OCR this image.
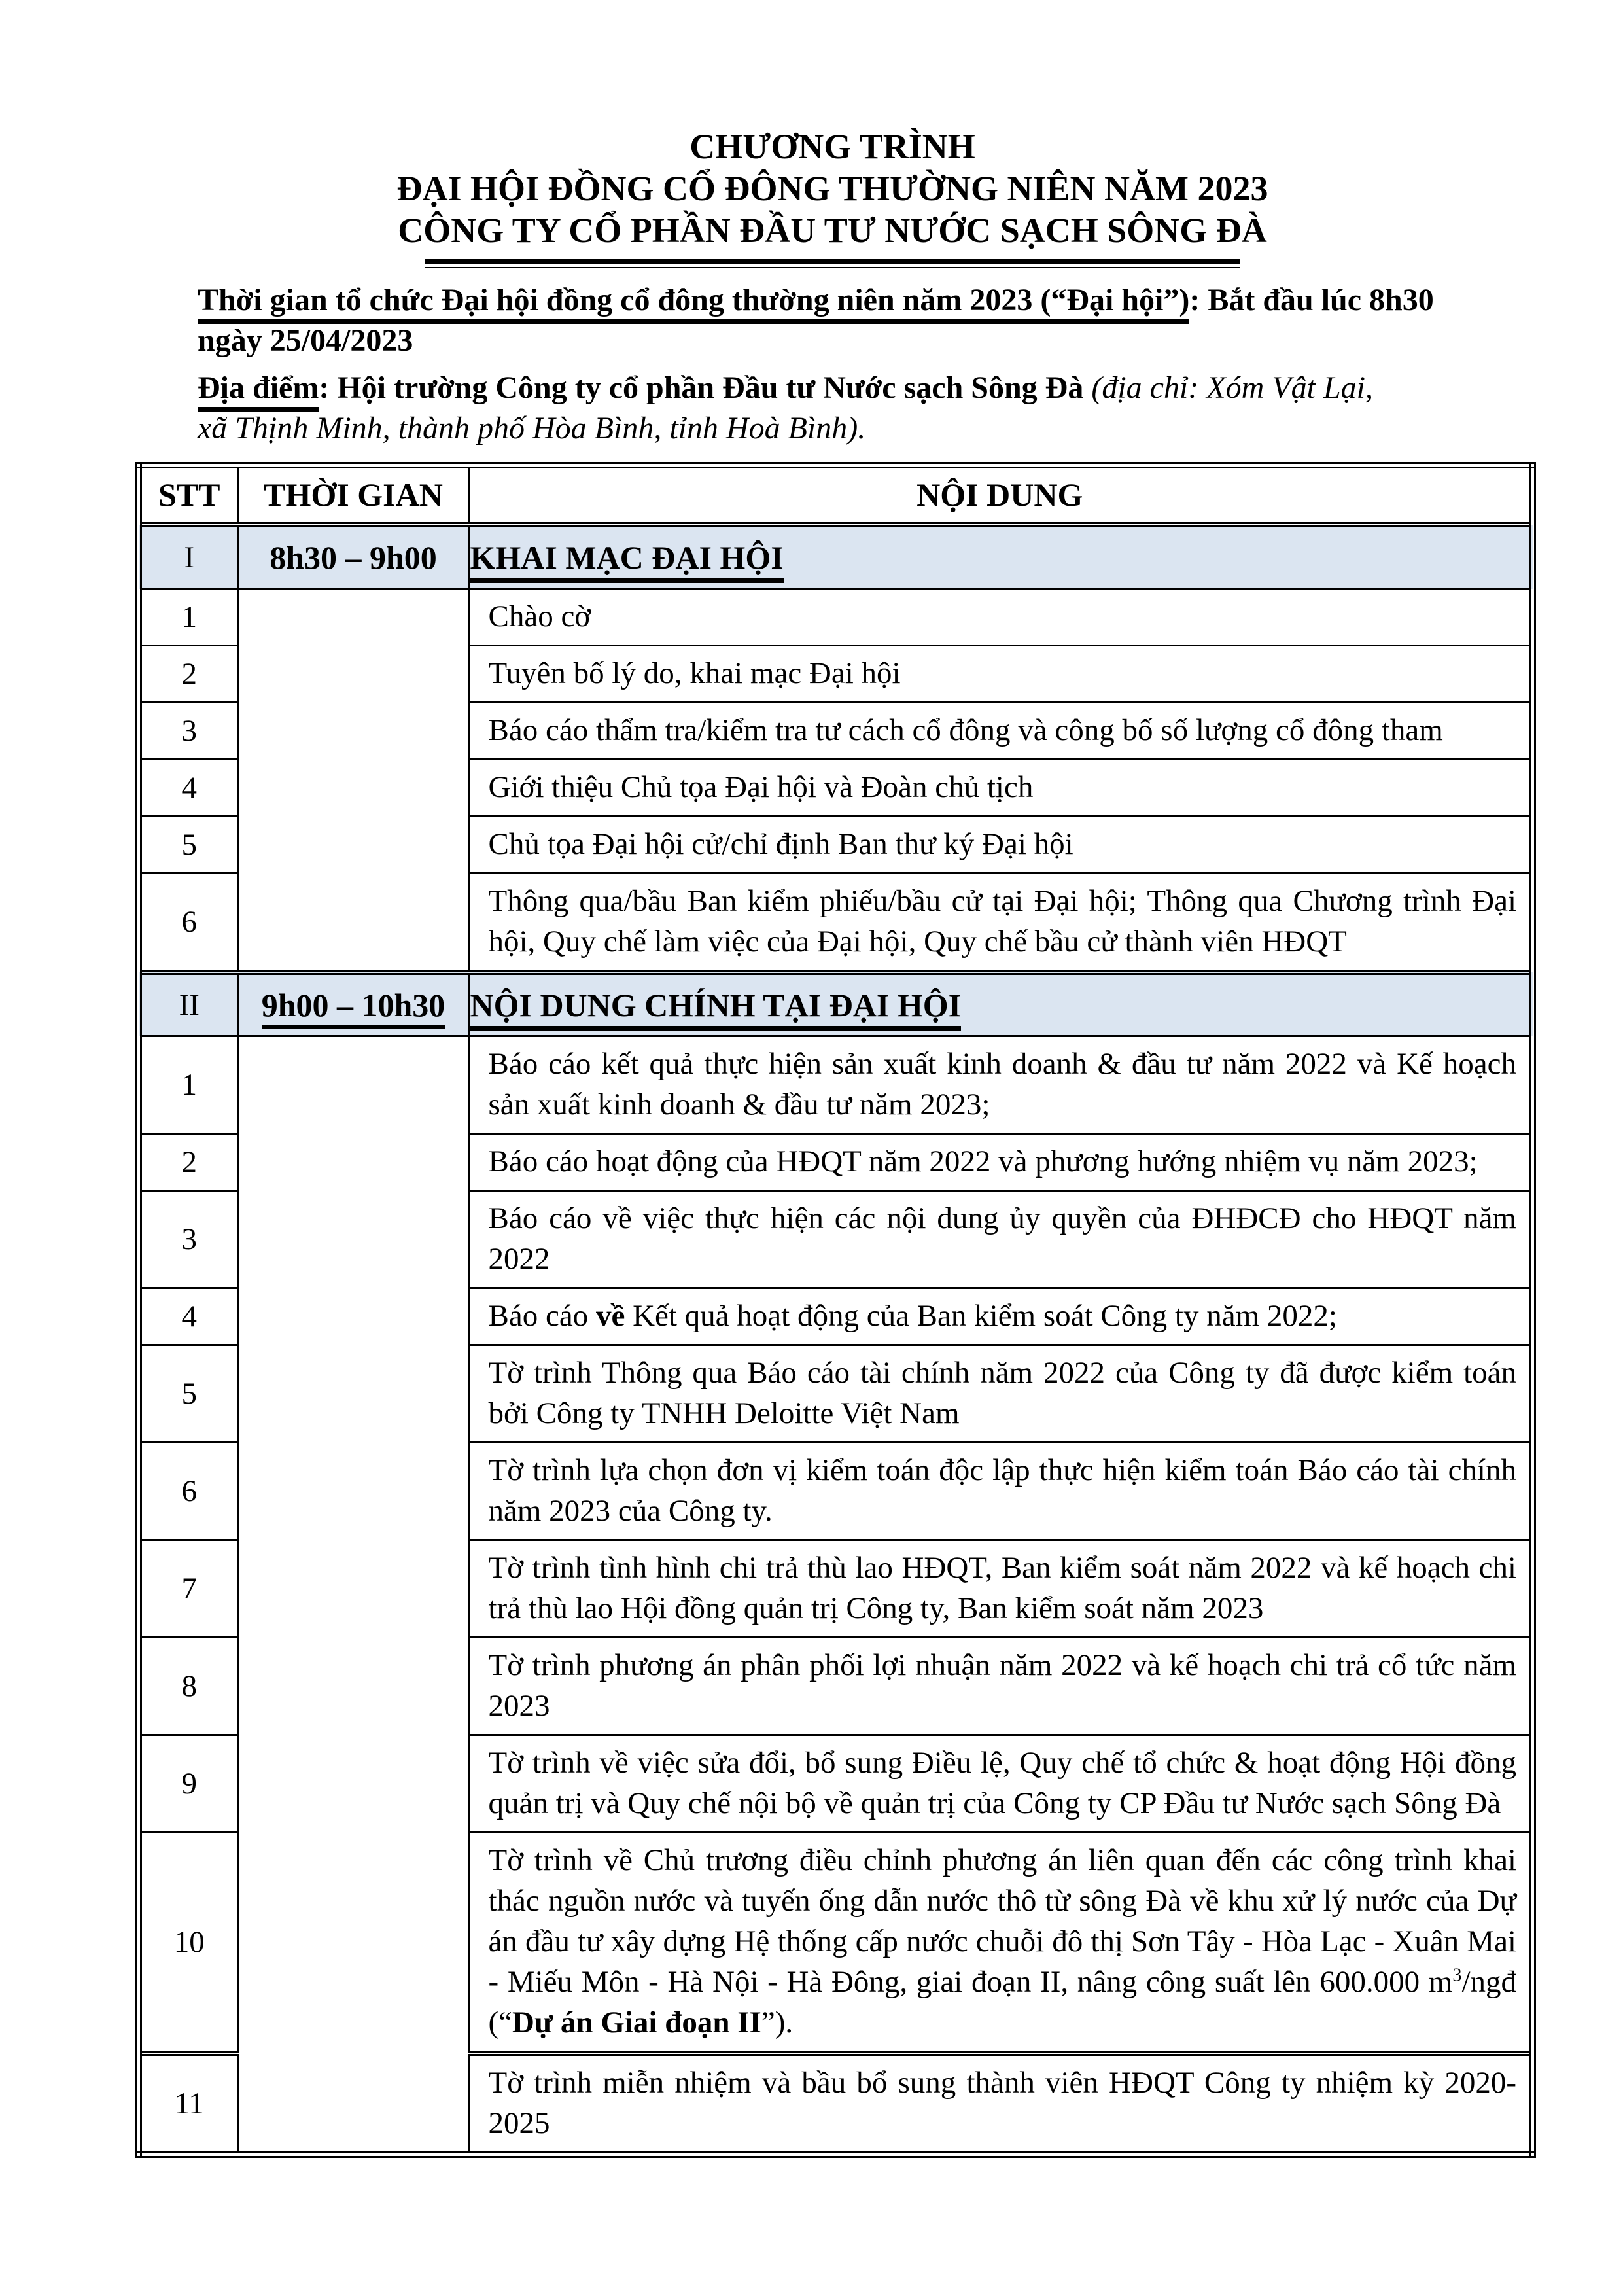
CHƯƠNG TRÌNH
ĐẠI HỘI ĐỒNG CỔ ĐÔNG THƯỜNG NIÊN NĂM 2023
CÔNG TY CỔ PHẦN ĐẦU TƯ NƯỚC SẠCH SÔNG ĐÀ

Thời gian tổ chức Đại hội đồng cổ đông thường niên năm 2023 (“Đại hội”): Bắt đầu lúc 8h30 ngày 25/04/2023

Địa điểm: Hội trường Công ty cổ phần Đầu tư Nước sạch Sông Đà (địa chỉ: Xóm Vật Lại, xã Thịnh Minh, thành phố Hòa Bình, tỉnh Hoà Bình).

STT	THỜI GIAN	NỘI DUNG
I	8h30 – 9h00	KHAI MẠC ĐẠI HỘI
1		Chào cờ
2		Tuyên bố lý do, khai mạc Đại hội
3		Báo cáo thẩm tra/kiểm tra tư cách cổ đông và công bố số lượng cổ đông tham
4		Giới thiệu Chủ tọa Đại hội và Đoàn chủ tịch
5		Chủ tọa Đại hội cử/chỉ định Ban thư ký Đại hội
6		Thông qua/bầu Ban kiểm phiếu/bầu cử tại Đại hội; Thông qua Chương trình Đại hội, Quy chế làm việc của Đại hội, Quy chế bầu cử thành viên HĐQT
II	9h00 – 10h30	NỘI DUNG CHÍNH TẠI ĐẠI HỘI
1		Báo cáo kết quả thực hiện sản xuất kinh doanh & đầu tư năm 2022 và Kế hoạch sản xuất kinh doanh & đầu tư năm 2023;
2		Báo cáo hoạt động của HĐQT năm 2022 và phương hướng nhiệm vụ năm 2023;
3		Báo cáo về việc thực hiện các nội dung ủy quyền của ĐHĐCĐ cho HĐQT năm 2022
4		Báo cáo về Kết quả hoạt động của Ban kiểm soát Công ty năm 2022;
5		Tờ trình Thông qua Báo cáo tài chính năm 2022 của Công ty đã được kiểm toán bởi Công ty TNHH Deloitte Việt Nam
6		Tờ trình lựa chọn đơn vị kiểm toán độc lập thực hiện kiểm toán Báo cáo tài chính năm 2023 của Công ty.
7		Tờ trình tình hình chi trả thù lao HĐQT, Ban kiểm soát năm 2022 và kế hoạch chi trả thù lao Hội đồng quản trị Công ty, Ban kiểm soát năm 2023
8		Tờ trình phương án phân phối lợi nhuận năm 2022 và kế hoạch chi trả cổ tức năm 2023
9		Tờ trình về việc sửa đổi, bổ sung Điều lệ, Quy chế tổ chức & hoạt động Hội đồng quản trị và Quy chế nội bộ về quản trị của Công ty CP Đầu tư Nước sạch Sông Đà
10		Tờ trình về Chủ trương điều chỉnh phương án liên quan đến các công trình khai thác nguồn nước và tuyến ống dẫn nước thô từ sông Đà về khu xử lý nước của Dự án đầu tư xây dựng Hệ thống cấp nước chuỗi đô thị Sơn Tây - Hòa Lạc - Xuân Mai - Miếu Môn - Hà Nội - Hà Đông, giai đoạn II, nâng công suất lên 600.000 $m^3$/ngđ (“Dự án Giai đoạn II”).
11		Tờ trình miễn nhiệm và bầu bổ sung thành viên HĐQT Công ty nhiệm kỳ 2020-2025
